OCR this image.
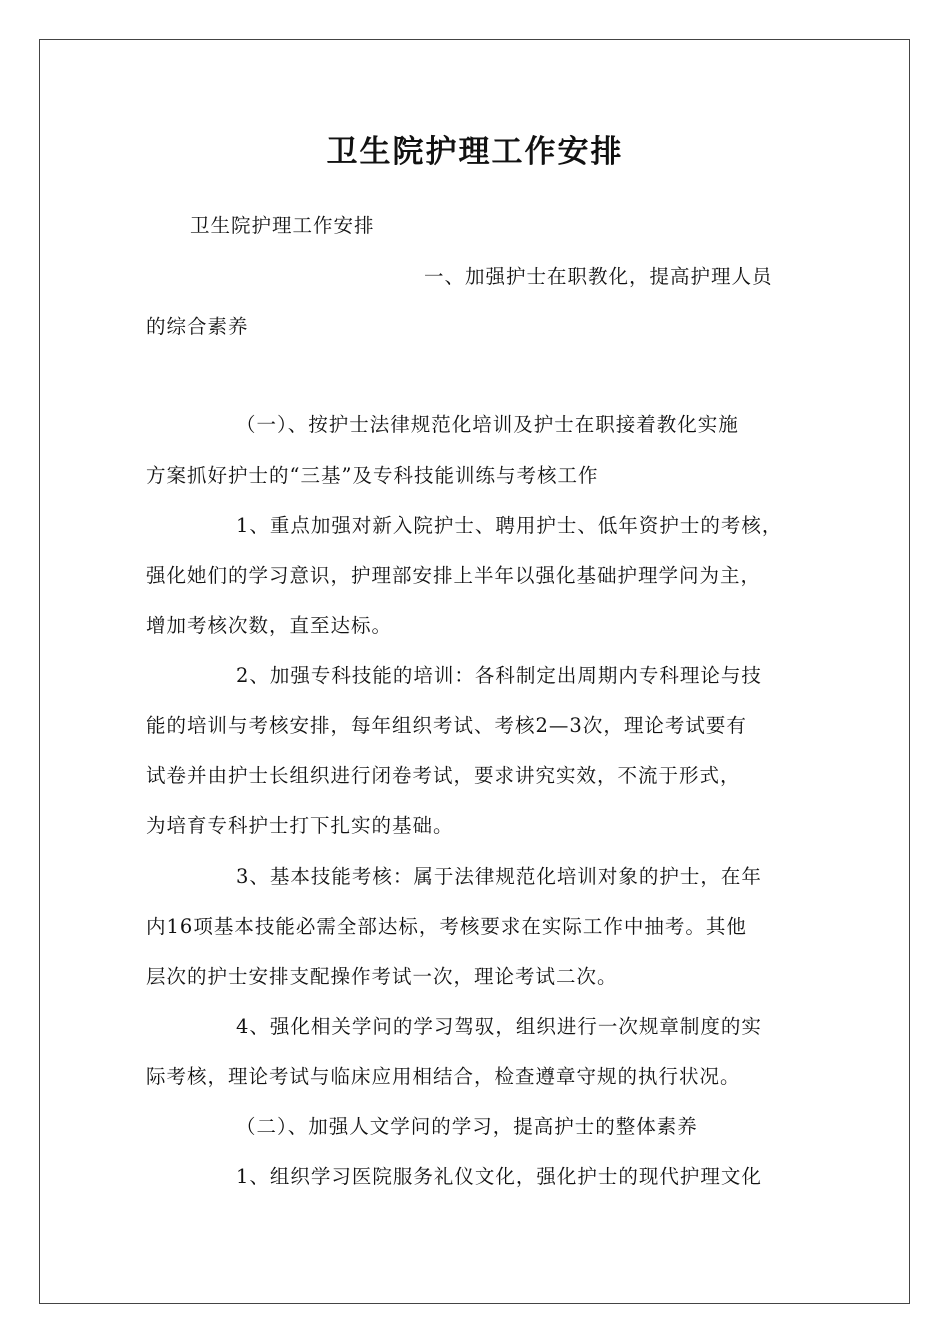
卫生院护理工作安排
卫生院护理工作安排
一、加强护士在职教化，提高护理人员
的综合素养
（一）、按护士法律规范化培训及护士在职接着教化实施
方案抓好护士的“三基”及专科技能训练与考核工作
1、重点加强对新入院护士、聘用护士、低年资护士的考核，
强化她们的学习意识，护理部安排上半年以强化基础护理学问为主，
增加考核次数，直至达标。
2、加强专科技能的培训：各科制定出周期内专科理论与技
能的培训与考核安排，每年组织考试、考核2—3次，理论考试要有
试卷并由护士长组织进行闭卷考试，要求讲究实效，不流于形式，
为培育专科护士打下扎实的基础。
3、基本技能考核：属于法律规范化培训对象的护士，在年
内16项基本技能必需全部达标，考核要求在实际工作中抽考。其他
层次的护士安排支配操作考试一次，理论考试二次。
4、强化相关学问的学习驾驭，组织进行一次规章制度的实
际考核，理论考试与临床应用相结合，检查遵章守规的执行状况。
（二）、加强人文学问的学习，提高护士的整体素养
1、组织学习医院服务礼仪文化，强化护士的现代护理文化
